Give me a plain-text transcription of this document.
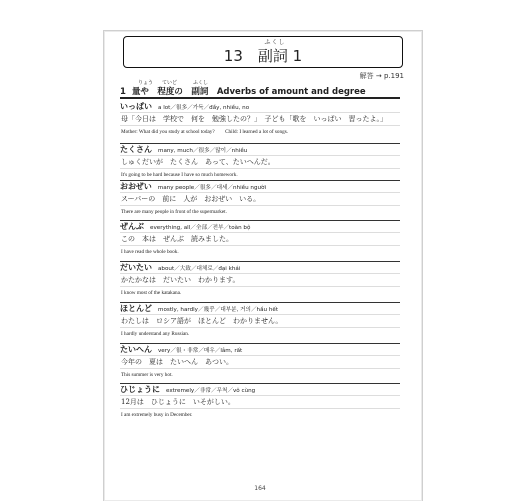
ふくし
13　副詞 1
解答 → p.191
りょう ていど	ふくし
1 量や　程度の　副詞　Adverbs of amount and degree
いっぱい a lot／很多／가득／đầy, nhiều, no
母「今日は　学校で　何を　勉強したの？」　子ども「歌を　いっぱい　習ったよ。」
Mother: What did you study at school today?　　Child: I learned a lot of songs.
たくさん many, much／很多／많이／nhiều
しゅくだいが　たくさん　あって、たいへんだ。
It's going to be hard because I have so much homework.
おおぜい many people／很多／대세／nhiều người
スーパーの　前に　人が　おおぜい　いる。
There are many people in front of the supermarket.
ぜんぶ everything, all／全部／전부／toàn bộ
この　本は　ぜんぶ　読みました。
I have read the whole book.
だいたい about／大致／대체로／đại khái
かたかなは　だいたい　わかります。
I know most of the katakana.
ほとんど mostly, hardly／幾乎／대부분, 거의／hầu hết
わたしは　ロシア語が　ほとんど　わかりません。
I hardly understand any Russian.
たいへん very／很・非常／매우／lắm, rất
今年の　夏は　たいへん　あつい。
This summer is very hot.
ひじょうに extremely／非常／무척／vô cùng
12月は　ひじょうに　いそがしい。
I am extremely busy in December.
164
